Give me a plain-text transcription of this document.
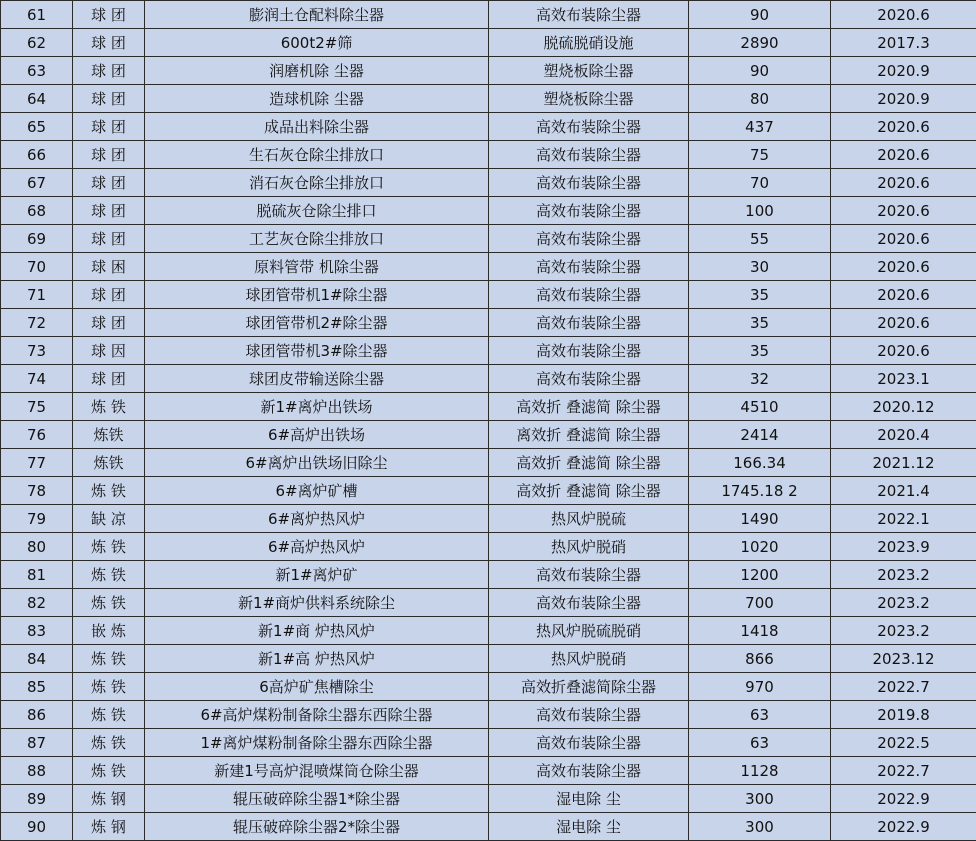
61	球 团	膨润土仓配料除尘器	高效布装除尘器	90	2020.6
62	球 团	600t2#筛	脱硫脱硝设施	2890	2017.3
63	球 团	润磨机除 尘器	塑烧板除尘器	90	2020.9
64	球 团	造球机除 尘器	塑烧板除尘器	80	2020.9
65	球 团	成品出料除尘器	高效布装除尘器	437	2020.6
66	球 团	生石灰仓除尘排放口	高效布装除尘器	75	2020.6
67	球 团	消石灰仓除尘排放口	高效布装除尘器	70	2020.6
68	球 团	脱硫灰仓除尘排口	高效布装除尘器	100	2020.6
69	球 团	工艺灰仓除尘排放口	高效布装除尘器	55	2020.6
70	球 困	原料管带 机除尘器	高效布装除尘器	30	2020.6
71	球 团	球团管带机1#除尘器	高效布装除尘器	35	2020.6
72	球 团	球团管带机2#除尘器	高效布装除尘器	35	2020.6
73	球 因	球团管带机3#除尘器	高效布装除尘器	35	2020.6
74	球 团	球团皮带输送除尘器	高效布装除尘器	32	2023.1
75	炼 铁	新1#离炉出铁场	高效折 叠滤简 除尘器	4510	2020.12
76	炼铁	6#高炉出铁场	离效折 叠滤简 除尘器	2414	2020.4
77	炼铁	6#离炉出铁场旧除尘	高效折 叠滤简 除尘器	166.34	2021.12
78	炼 铁	6#离炉矿槽	高效折 叠滤简 除尘器	1745.18 2	2021.4
79	缺 凉	6#离炉热风炉	热风炉脱硫	1490	2022.1
80	炼 铁	6#高炉热风炉	热风炉脱硝	1020	2023.9
81	炼 铁	新1#离炉矿	高效布装除尘器	1200	2023.2
82	炼 铁	新1#商炉供料系统除尘	高效布装除尘器	700	2023.2
83	嵌 炼	新1#商 炉热风炉	热风炉脱硫脱硝	1418	2023.2
84	炼 铁	新1#高 炉热风炉	热风炉脱硝	866	2023.12
85	炼 铁	6高炉矿焦槽除尘	高效折叠滤简除尘器	970	2022.7
86	炼 铁	6#高炉煤粉制备除尘器东西除尘器	高效布装除尘器	63	2019.8
87	炼 铁	1#离炉煤粉制备除尘器东西除尘器	高效布装除尘器	63	2022.5
88	炼 铁	新建1号高炉混喷煤筒仓除尘器	高效布装除尘器	1128	2022.7
89	炼 钢	辊压破碎除尘器1*除尘器	湿电除 尘	300	2022.9
90	炼 钢	辊压破碎除尘器2*除尘器	湿电除 尘	300	2022.9
